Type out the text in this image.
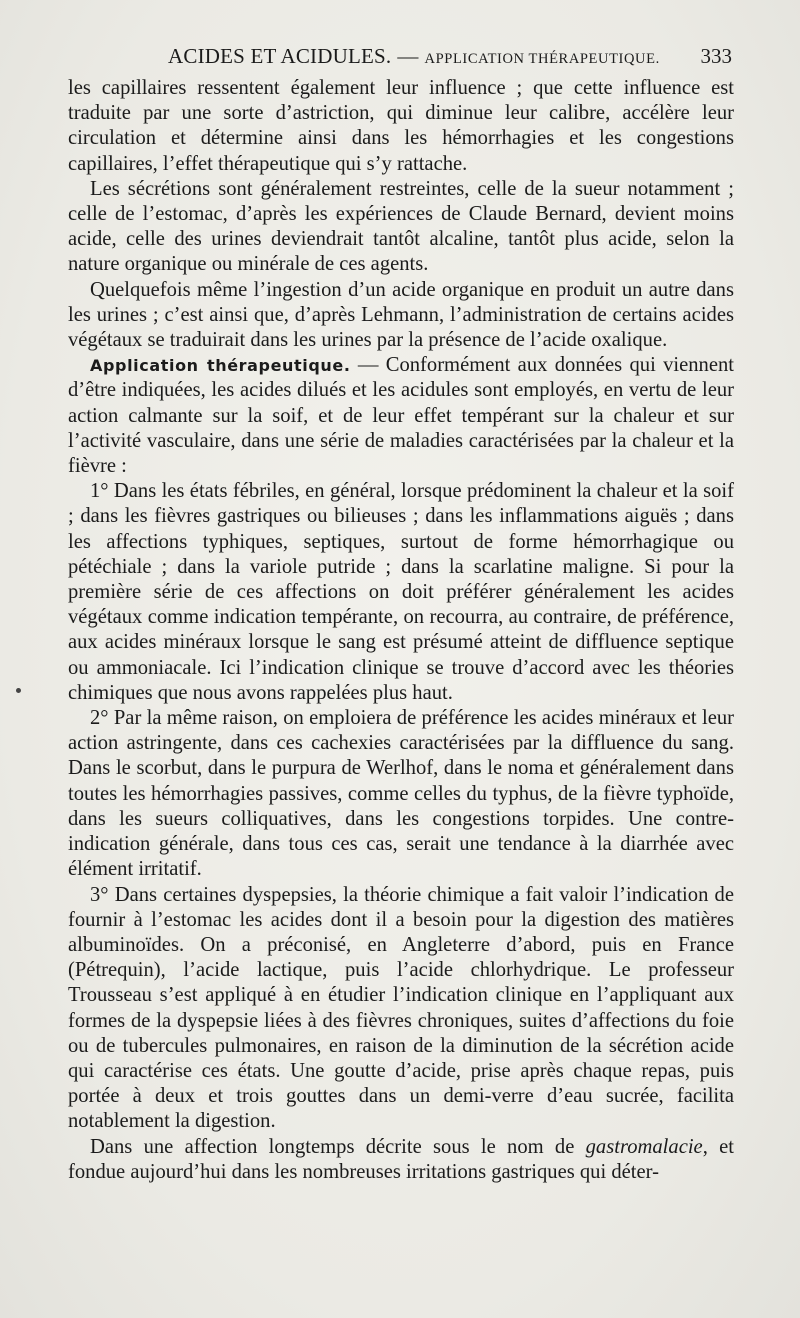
ACIDES ET ACIDULES. — APPLICATION THÉRAPEUTIQUE. 333

les capillaires ressentent également leur influence ; que cette influence est traduite par une sorte d’astriction, qui diminue leur calibre, accélère leur circulation et détermine ainsi dans les hémorrhagies et les congestions capillaires, l’effet thérapeutique qui s’y rattache.

Les sécrétions sont généralement restreintes, celle de la sueur notamment ; celle de l’estomac, d’après les expériences de Claude Bernard, devient moins acide, celle des urines deviendrait tantôt alcaline, tantôt plus acide, selon la nature organique ou minérale de ces agents.

Quelquefois même l’ingestion d’un acide organique en produit un autre dans les urines ; c’est ainsi que, d’après Lehmann, l’administration de certains acides végétaux se traduirait dans les urines par la présence de l’acide oxalique.

Application thérapeutique. — Conformément aux données qui viennent d’être indiquées, les acides dilués et les acidules sont employés, en vertu de leur action calmante sur la soif, et de leur effet tempérant sur la chaleur et sur l’activité vasculaire, dans une série de maladies caractérisées par la chaleur et la fièvre :

1° Dans les états fébriles, en général, lorsque prédominent la chaleur et la soif ; dans les fièvres gastriques ou bilieuses ; dans les inflammations aiguës ; dans les affections typhiques, septiques, surtout de forme hémorrhagique ou pétéchiale ; dans la variole putride ; dans la scarlatine maligne. Si pour la première série de ces affections on doit préférer généralement les acides végétaux comme indication tempérante, on recourra, au contraire, de préférence, aux acides minéraux lorsque le sang est présumé atteint de diffluence septique ou ammoniacale. Ici l’indication clinique se trouve d’accord avec les théories chimiques que nous avons rappelées plus haut.

2° Par la même raison, on emploiera de préférence les acides minéraux et leur action astringente, dans ces cachexies caractérisées par la diffluence du sang. Dans le scorbut, dans le purpura de Werlhof, dans le noma et généralement dans toutes les hémorrhagies passives, comme celles du typhus, de la fièvre typhoïde, dans les sueurs colliquatives, dans les congestions torpides. Une contre-indication générale, dans tous ces cas, serait une tendance à la diarrhée avec élément irritatif.

3° Dans certaines dyspepsies, la théorie chimique a fait valoir l’indication de fournir à l’estomac les acides dont il a besoin pour la digestion des matières albuminoïdes. On a préconisé, en Angleterre d’abord, puis en France (Pétrequin), l’acide lactique, puis l’acide chlorhydrique. Le professeur Trousseau s’est appliqué à en étudier l’indication clinique en l’appliquant aux formes de la dyspepsie liées à des fièvres chroniques, suites d’affections du foie ou de tubercules pulmonaires, en raison de la diminution de la sécrétion acide qui caractérise ces états. Une goutte d’acide, prise après chaque repas, puis portée à deux et trois gouttes dans un demi-verre d’eau sucrée, facilita notablement la digestion.

Dans une affection longtemps décrite sous le nom de gastromalacie, et fondue aujourd’hui dans les nombreuses irritations gastriques qui déter-
